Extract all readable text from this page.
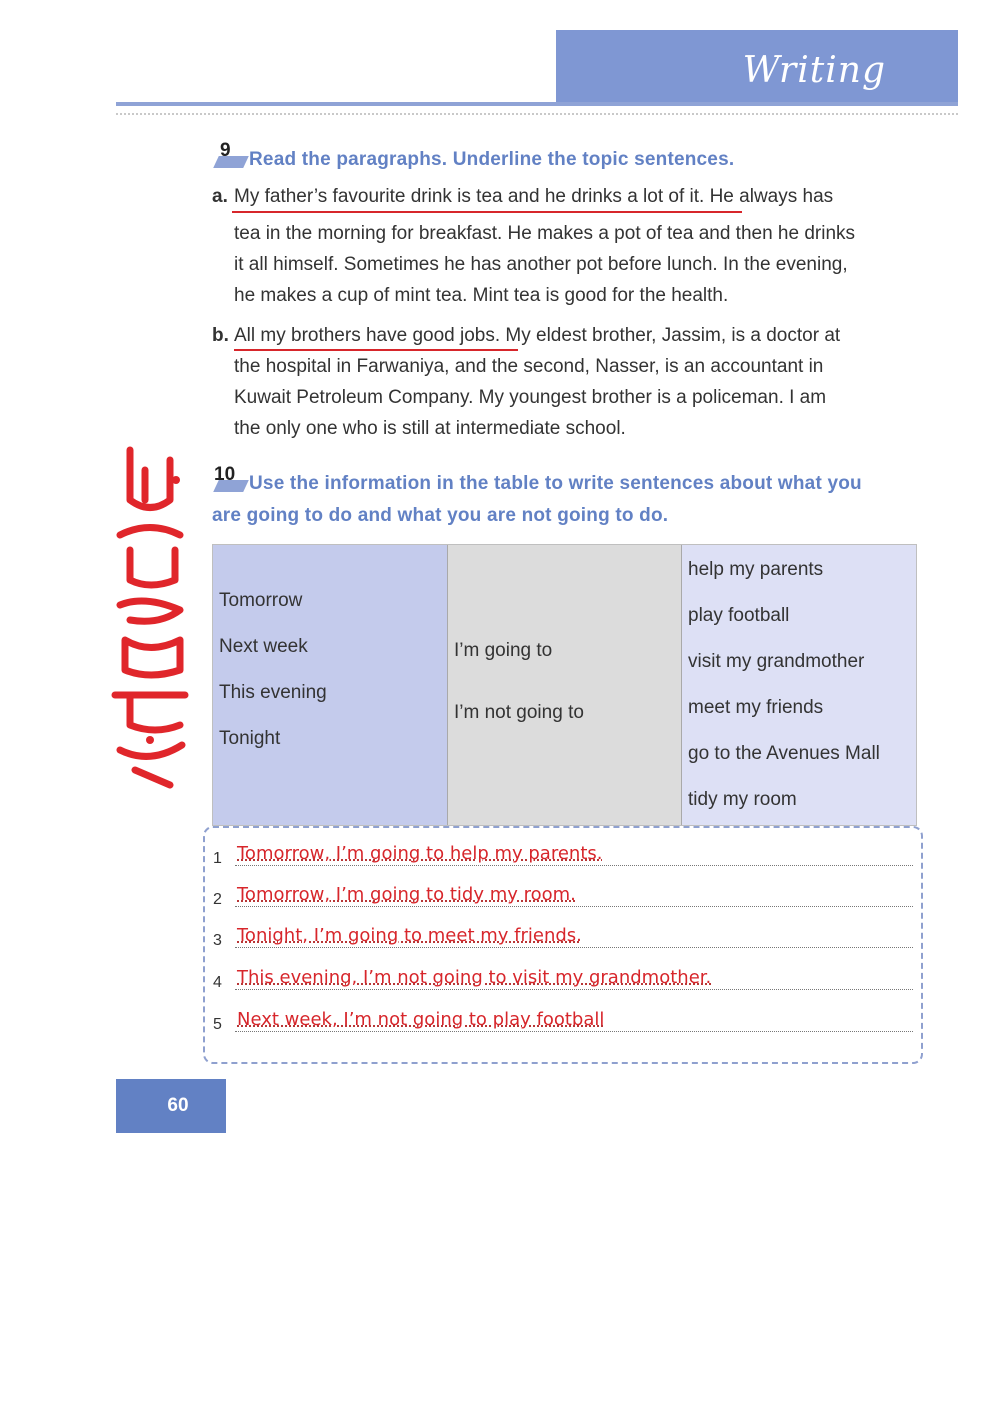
Writing
9 Read the paragraphs. Underline the topic sentences.
a. My father’s favourite drink is tea and he drinks a lot of it. He always has
tea in the morning for breakfast. He makes a pot of tea and then he drinks
it all himself. Sometimes he has another pot before lunch. In the evening,
he makes a cup of mint tea. Mint tea is good for the health.
b. All my brothers have good jobs. My eldest brother, Jassim, is a doctor at
the hospital in Farwaniya, and the second, Nasser, is an accountant in
Kuwait Petroleum Company. My youngest brother is a policeman. I am
the only one who is still at intermediate school.
10 Use the information in the table to write sentences about what you
are going to do and what you are not going to do.
Tomorrow
Next week
This evening
Tonight
I’m going to
I’m not going to
help my parents
play football
visit my grandmother
meet my friends
go to the Avenues Mall
tidy my room
1 Tomorrow, I’m going to help my parents.
2 Tomorrow, I’m going to tidy my room.
3 Tonight, I’m going to meet my friends.
4 This evening, I’m not going to visit my grandmother.
5 Next week, I’m not going to play football
60
